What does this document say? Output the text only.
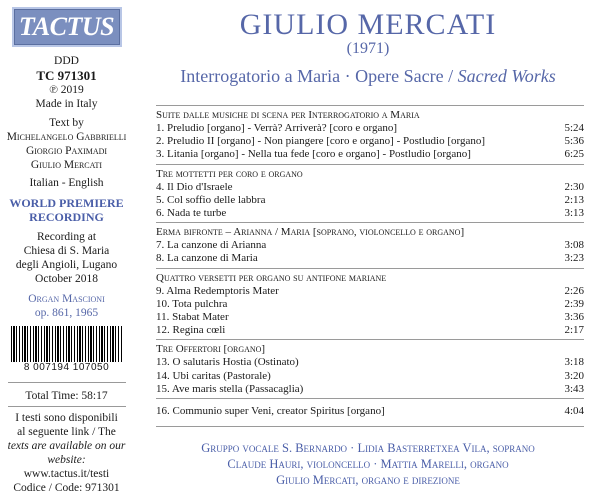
TACTUS
DDD
TC 971301
℗ 2019
Made in Italy
Text by
Michelangelo Gabbrielli
Giorgio Paximadi
Giulio Mercati
Italian - English
WORLD PREMIERE
RECORDING
Recording at
Chiesa di S. Maria
degli Angioli, Lugano
October 2018
Organ Mascioni
op. 861, 1965
8 007194 107050
Total Time: 58:17
I testi sono disponibili
al seguente link / The
texts are available on our
website:
www.tactus.it/testi
Codice / Code: 971301
GIULIO MERCATI
(1971)
Interrogatorio a Maria · Opere Sacre / Sacred Works
Suite dalle musiche di scena per Interrogatorio a Maria
1. Preludio [organo] - Verrà? Arriverà? [coro e organo]	5:24
2. Preludio II [organo] - Non piangere [coro e organo] - Postludio [organo]	5:36
3. Litania [organo] - Nella tua fede [coro e organo] - Postludio [organo]	6:25
Tre mottetti per coro e organo
4. Il Dio d'Israele	2:30
5. Col soffio delle labbra	2:13
6. Nada te turbe	3:13
Erma bifronte – Arianna / Maria [soprano, violoncello e organo]
7. La canzone di Arianna	3:08
8. La canzone di Maria	3:23
Quattro versetti per organo su antifone mariane
9. Alma Redemptoris Mater	2:26
10. Tota pulchra	2:39
11. Stabat Mater	3:36
12. Regina cœli	2:17
Tre Offertori [organo]
13. O salutaris Hostia (Ostinato)	3:18
14. Ubi caritas (Pastorale)	3:20
15. Ave maris stella (Passacaglia)	3:43
16. Communio super Veni, creator Spiritus [organo]	4:04
Gruppo vocale S. Bernardo · Lidia Basterretxea Vila, soprano
Claude Hauri, violoncello · Mattia Marelli, organo
Giulio Mercati, organo e direzione
